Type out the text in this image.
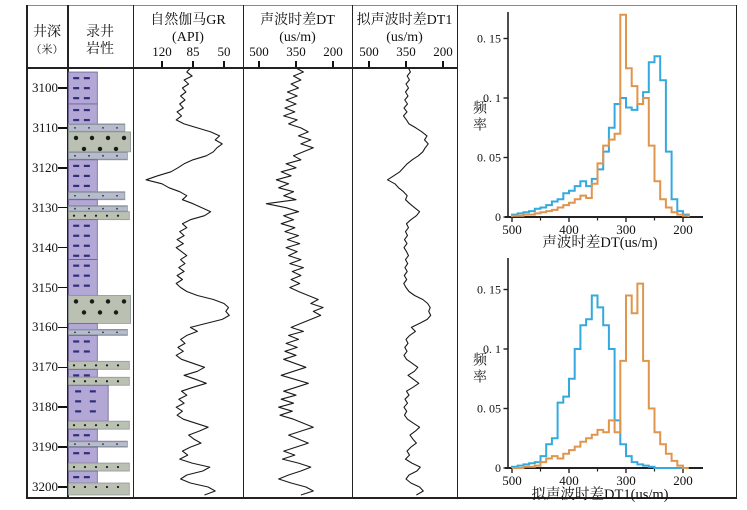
井深
（米）
录井
岩性
自然伽马GR
(API)
声波时差DT
(us/m)
拟声波时差DT1
(us/m)
120 85 50 500 350 200 500 350 200
3100
3110
3120
3130
3140
3150
3160
3170
3180
3190
3200
500	400	300	200
0
0. 05
0. 1
0. 15
500	400	300	200
0
0. 05
0. 1
0. 15
频率
频率
声波时差DT(us/m)
拟声波时差DT1(us/m)
